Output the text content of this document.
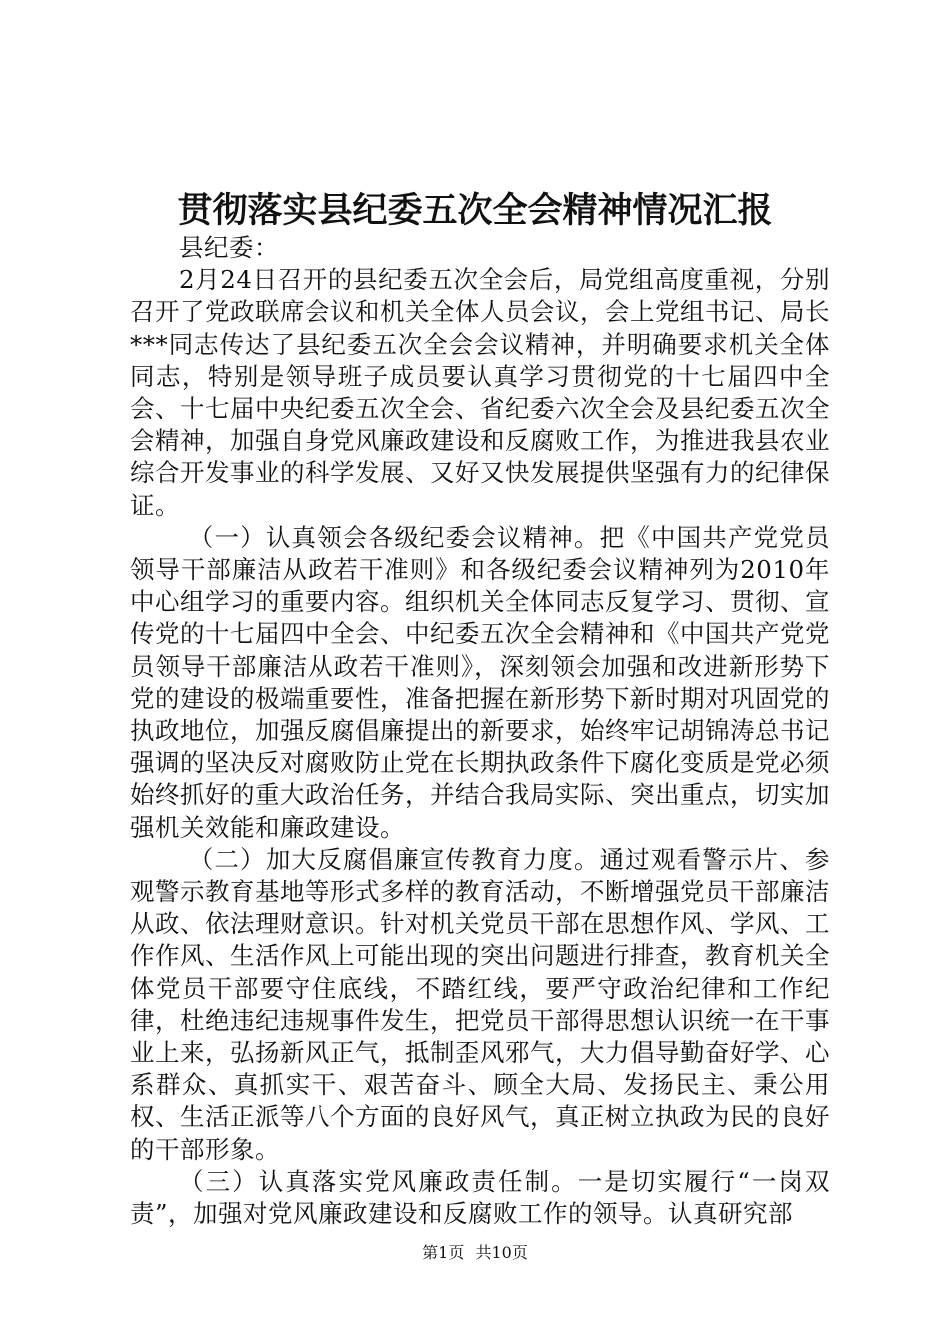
贯彻落实县纪委五次全会精神情况汇报

县纪委：

2月24日召开的县纪委五次全会后，局党组高度重视，分别召开了党政联席会议和机关全体人员会议，会上党组书记、局长***同志传达了县纪委五次全会会议精神，并明确要求机关全体同志，特别是领导班子成员要认真学习贯彻党的十七届四中全会、十七届中央纪委五次全会、省纪委六次全会及县纪委五次全会精神，加强自身党风廉政建设和反腐败工作，为推进我县农业综合开发事业的科学发展、又好又快发展提供坚强有力的纪律保证。

（一）认真领会各级纪委会议精神。把《中国共产党党员领导干部廉洁从政若干准则》和各级纪委会议精神列为2010年中心组学习的重要内容。组织机关全体同志反复学习、贯彻、宣传党的十七届四中全会、中纪委五次全会精神和《中国共产党党员领导干部廉洁从政若干准则》，深刻领会加强和改进新形势下党的建设的极端重要性，准备把握在新形势下新时期对巩固党的执政地位，加强反腐倡廉提出的新要求，始终牢记胡锦涛总书记强调的坚决反对腐败防止党在长期执政条件下腐化变质是党必须始终抓好的重大政治任务，并结合我局实际、突出重点，切实加强机关效能和廉政建设。

（二）加大反腐倡廉宣传教育力度。通过观看警示片、参观警示教育基地等形式多样的教育活动，不断增强党员干部廉洁从政、依法理财意识。针对机关党员干部在思想作风、学风、工作作风、生活作风上可能出现的突出问题进行排查，教育机关全体党员干部要守住底线，不踏红线，要严守政治纪律和工作纪律，杜绝违纪违规事件发生，把党员干部得思想认识统一在干事业上来，弘扬新风正气，抵制歪风邪气，大力倡导勤奋好学、心系群众、真抓实干、艰苦奋斗、顾全大局、发扬民主、秉公用权、生活正派等八个方面的良好风气，真正树立执政为民的良好的干部形象。

（三）认真落实党风廉政责任制。一是切实履行“一岗双责”，加强对党风廉政建设和反腐败工作的领导。认真研究部

第1页 共10页
